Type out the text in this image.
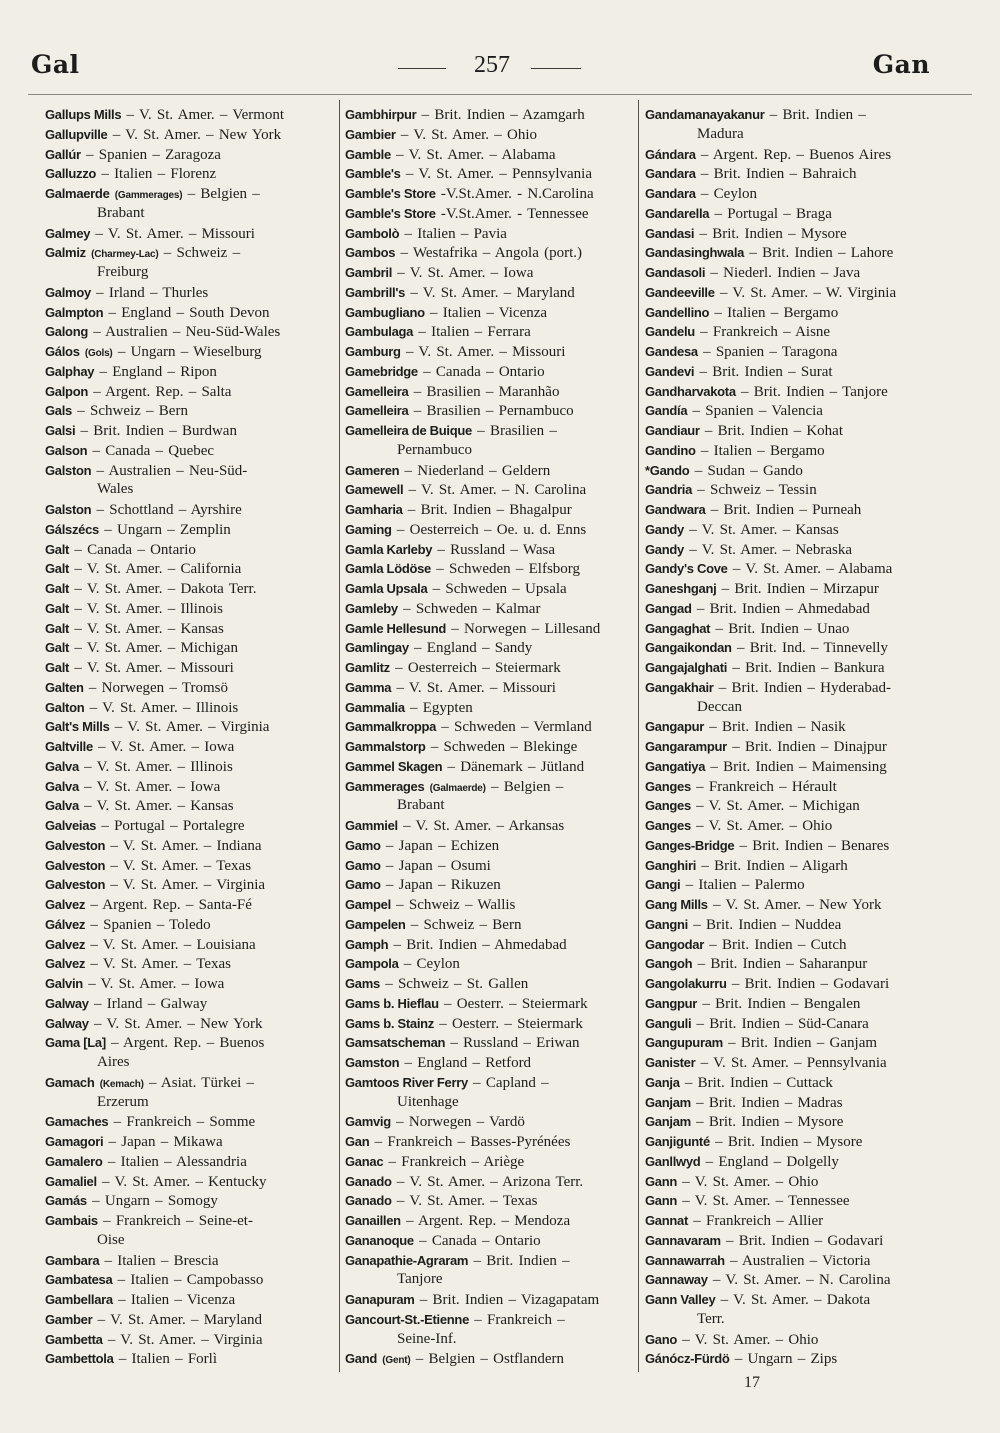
Gal	257	Gan
Gallups Mills – V. St. Amer. – Vermont
Gallupville – V. St. Amer. – New York
Gallúr – Spanien – Zaragoza
Galluzzo – Italien – Florenz
Galmaerde (Gammerages) – Belgien –
Brabant
Galmey – V. St. Amer. – Missouri
Galmiz (Charmey-Lac) – Schweiz –
Freiburg
Galmoy – Irland – Thurles
Galmpton – England – South Devon
Galong – Australien – Neu-Süd-Wales
Gálos (Gols) – Ungarn – Wieselburg
Galphay – England – Ripon
Galpon – Argent. Rep. – Salta
Gals – Schweiz – Bern
Galsi – Brit. Indien – Burdwan
Galson – Canada – Quebec
Galston – Australien – Neu-Süd-
Wales
Galston – Schottland – Ayrshire
Gálszécs – Ungarn – Zemplin
Galt – Canada – Ontario
Galt – V. St. Amer. – California
Galt – V. St. Amer. – Dakota Terr.
Galt – V. St. Amer. – Illinois
Galt – V. St. Amer. – Kansas
Galt – V. St. Amer. – Michigan
Galt – V. St. Amer. – Missouri
Galten – Norwegen – Tromsö
Galton – V. St. Amer. – Illinois
Galt's Mills – V. St. Amer. – Virginia
Galtville – V. St. Amer. – Iowa
Galva – V. St. Amer. – Illinois
Galva – V. St. Amer. – Iowa
Galva – V. St. Amer. – Kansas
Galveias – Portugal – Portalegre
Galveston – V. St. Amer. – Indiana
Galveston – V. St. Amer. – Texas
Galveston – V. St. Amer. – Virginia
Galvez – Argent. Rep. – Santa-Fé
Gálvez – Spanien – Toledo
Galvez – V. St. Amer. – Louisiana
Galvez – V. St. Amer. – Texas
Galvin – V. St. Amer. – Iowa
Galway – Irland – Galway
Galway – V. St. Amer. – New York
Gama [La] – Argent. Rep. – Buenos
Aires
Gamach (Kemach) – Asiat. Türkei –
Erzerum
Gamaches – Frankreich – Somme
Gamagori – Japan – Mikawa
Gamalero – Italien – Alessandria
Gamaliel – V. St. Amer. – Kentucky
Gamás – Ungarn – Somogy
Gambais – Frankreich – Seine-et-
Oise
Gambara – Italien – Brescia
Gambatesa – Italien – Campobasso
Gambellara – Italien – Vicenza
Gamber – V. St. Amer. – Maryland
Gambetta – V. St. Amer. – Virginia
Gambettola – Italien – Forlì
Gambhirpur – Brit. Indien – Azamgarh
Gambier – V. St. Amer. – Ohio
Gamble – V. St. Amer. – Alabama
Gamble's – V. St. Amer. – Pennsylvania
Gamble's Store -V.St.Amer. - N.Carolina
Gamble's Store -V.St.Amer. - Tennessee
Gambolò – Italien – Pavia
Gambos – Westafrika – Angola (port.)
Gambril – V. St. Amer. – Iowa
Gambrill's – V. St. Amer. – Maryland
Gambugliano – Italien – Vicenza
Gambulaga – Italien – Ferrara
Gamburg – V. St. Amer. – Missouri
Gamebridge – Canada – Ontario
Gamelleira – Brasilien – Maranhão
Gamelleira – Brasilien – Pernambuco
Gamelleira de Buique – Brasilien –
Pernambuco
Gameren – Niederland – Geldern
Gamewell – V. St. Amer. – N. Carolina
Gamharia – Brit. Indien – Bhagalpur
Gaming – Oesterreich – Oe. u. d. Enns
Gamla Karleby – Russland – Wasa
Gamla Lödöse – Schweden – Elfsborg
Gamla Upsala – Schweden – Upsala
Gamleby – Schweden – Kalmar
Gamle Hellesund – Norwegen – Lillesand
Gamlingay – England – Sandy
Gamlitz – Oesterreich – Steiermark
Gamma – V. St. Amer. – Missouri
Gammalia – Egypten
Gammalkroppa – Schweden – Vermland
Gammalstorp – Schweden – Blekinge
Gammel Skagen – Dänemark – Jütland
Gammerages (Galmaerde) – Belgien –
Brabant
Gammiel – V. St. Amer. – Arkansas
Gamo – Japan – Echizen
Gamo – Japan – Osumi
Gamo – Japan – Rikuzen
Gampel – Schweiz – Wallis
Gampelen – Schweiz – Bern
Gamph – Brit. Indien – Ahmedabad
Gampola – Ceylon
Gams – Schweiz – St. Gallen
Gams b. Hieflau – Oesterr. – Steiermark
Gams b. Stainz – Oesterr. – Steiermark
Gamsatscheman – Russland – Eriwan
Gamston – England – Retford
Gamtoos River Ferry – Capland –
Uitenhage
Gamvig – Norwegen – Vardö
Gan – Frankreich – Basses-Pyrénées
Ganac – Frankreich – Ariège
Ganado – V. St. Amer. – Arizona Terr.
Ganado – V. St. Amer. – Texas
Ganaillen – Argent. Rep. – Mendoza
Gananoque – Canada – Ontario
Ganapathie-Agraram – Brit. Indien –
Tanjore
Ganapuram – Brit. Indien – Vizagapatam
Gancourt-St.-Etienne – Frankreich –
Seine-Inf.
Gand (Gent) – Belgien – Ostflandern
Gandamanayakanur – Brit. Indien –
Madura
Gándara – Argent. Rep. – Buenos Aires
Gandara – Brit. Indien – Bahraich
Gandara – Ceylon
Gandarella – Portugal – Braga
Gandasi – Brit. Indien – Mysore
Gandasinghwala – Brit. Indien – Lahore
Gandasoli – Niederl. Indien – Java
Gandeeville – V. St. Amer. – W. Virginia
Gandellino – Italien – Bergamo
Gandelu – Frankreich – Aisne
Gandesa – Spanien – Taragona
Gandevi – Brit. Indien – Surat
Gandharvakota – Brit. Indien – Tanjore
Gandía – Spanien – Valencia
Gandiaur – Brit. Indien – Kohat
Gandino – Italien – Bergamo
*Gando – Sudan – Gando
Gandria – Schweiz – Tessin
Gandwara – Brit. Indien – Purneah
Gandy – V. St. Amer. – Kansas
Gandy – V. St. Amer. – Nebraska
Gandy's Cove – V. St. Amer. – Alabama
Ganeshganj – Brit. Indien – Mirzapur
Gangad – Brit. Indien – Ahmedabad
Gangaghat – Brit. Indien – Unao
Gangaikondan – Brit. Ind. – Tinnevelly
Gangajalghati – Brit. Indien – Bankura
Gangakhair – Brit. Indien – Hyderabad-
Deccan
Gangapur – Brit. Indien – Nasik
Gangarampur – Brit. Indien – Dinajpur
Gangatiya – Brit. Indien – Maimensing
Ganges – Frankreich – Hérault
Ganges – V. St. Amer. – Michigan
Ganges – V. St. Amer. – Ohio
Ganges-Bridge – Brit. Indien – Benares
Ganghiri – Brit. Indien – Aligarh
Gangi – Italien – Palermo
Gang Mills – V. St. Amer. – New York
Gangni – Brit. Indien – Nuddea
Gangodar – Brit. Indien – Cutch
Gangoh – Brit. Indien – Saharanpur
Gangolakurru – Brit. Indien – Godavari
Gangpur – Brit. Indien – Bengalen
Ganguli – Brit. Indien – Süd-Canara
Gangupuram – Brit. Indien – Ganjam
Ganister – V. St. Amer. – Pennsylvania
Ganja – Brit. Indien – Cuttack
Ganjam – Brit. Indien – Madras
Ganjam – Brit. Indien – Mysore
Ganjigunté – Brit. Indien – Mysore
Ganllwyd – England – Dolgelly
Gann – V. St. Amer. – Ohio
Gann – V. St. Amer. – Tennessee
Gannat – Frankreich – Allier
Gannavaram – Brit. Indien – Godavari
Gannawarrah – Australien – Victoria
Gannaway – V. St. Amer. – N. Carolina
Gann Valley – V. St. Amer. – Dakota
Terr.
Gano – V. St. Amer. – Ohio
Gánócz-Fürdö – Ungarn – Zips
17
